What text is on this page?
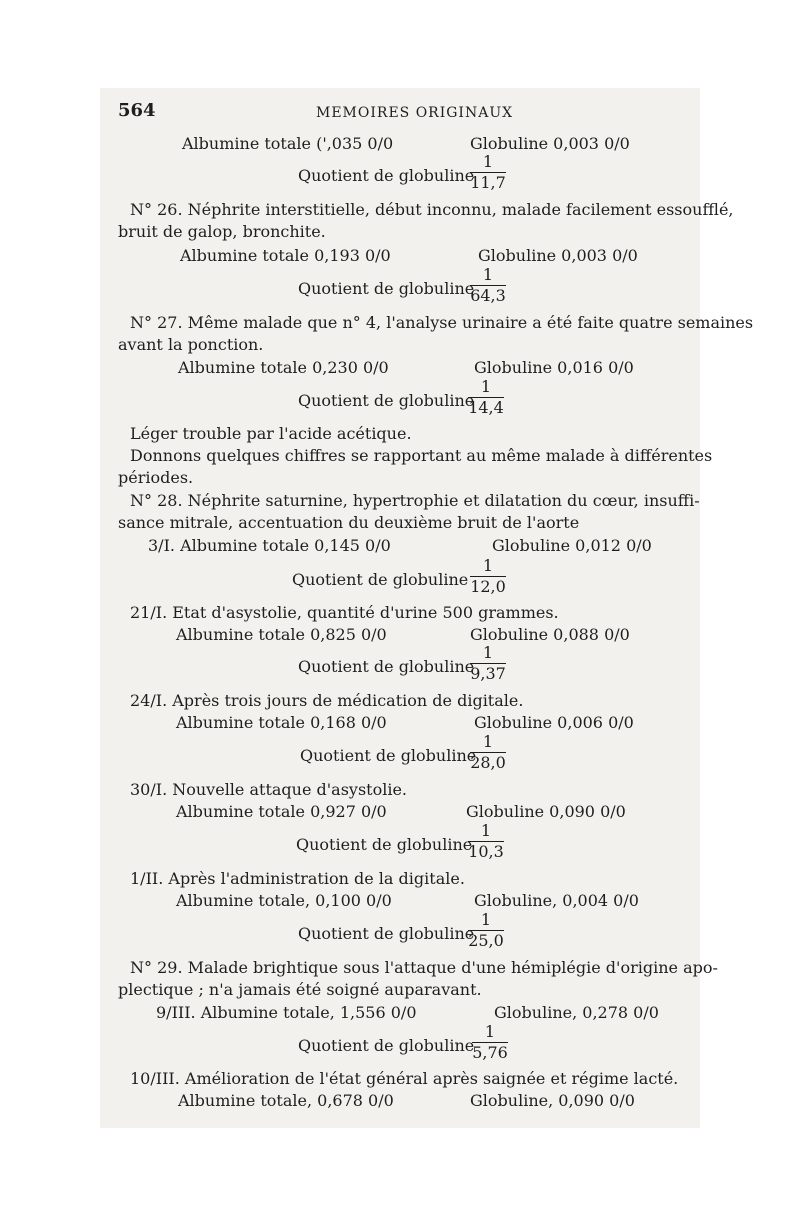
564	MEMOIRES ORIGINAUX
Albumine totale (',035 0/0	Globuline 0,003 0/0
N° 26. Néphrite interstitielle, début inconnu, malade facilement essoufflé,
bruit de galop, bronchite.
Albumine totale 0,193 0/0	Globuline 0,003 0/0
N° 27. Même malade que n° 4, l'analyse urinaire a été faite quatre semaines
avant la ponction.
Albumine totale 0,230 0/0	Globuline 0,016 0/0
Léger trouble par l'acide acétique.
Donnons quelques chiffres se rapportant au même malade à différentes
périodes.
N° 28. Néphrite saturnine, hypertrophie et dilatation du cœur, insuffi-
sance mitrale, accentuation du deuxième bruit de l'aorte
3/I. Albumine totale 0,145 0/0	Globuline 0,012 0/0
21/I. Etat d'asystolie, quantité d'urine 500 grammes.
Albumine totale 0,825 0/0	Globuline 0,088 0/0
24/I. Après trois jours de médication de digitale.
Albumine totale 0,168 0/0	Globuline 0,006 0/0
30/I. Nouvelle attaque d'asystolie.
Albumine totale 0,927 0/0	Globuline 0,090 0/0
1/II. Après l'administration de la digitale.
Albumine totale, 0,100 0/0	Globuline, 0,004 0/0
N° 29. Malade brightique sous l'attaque d'une hémiplégie d'origine apo-
plectique ; n'a jamais été soigné auparavant.
9/III. Albumine totale, 1,556 0/0	Globuline, 0,278 0/0
10/III. Amélioration de l'état général après saignée et régime lacté.
Albumine totale, 0,678 0/0	Globuline, 0,090 0/0
Quotient de globuline
1
11,7
Quotient de globuline
1
64,3
Quotient de globuline
1
14,4
Quotient de globuline
1
12,0
Quotient de globuline
1
9,37
Quotient de globuline
1
28,0
Quotient de globuline
1
10,3
Quotient de globuline
1
25,0
Quotient de globuline
1
5,76
